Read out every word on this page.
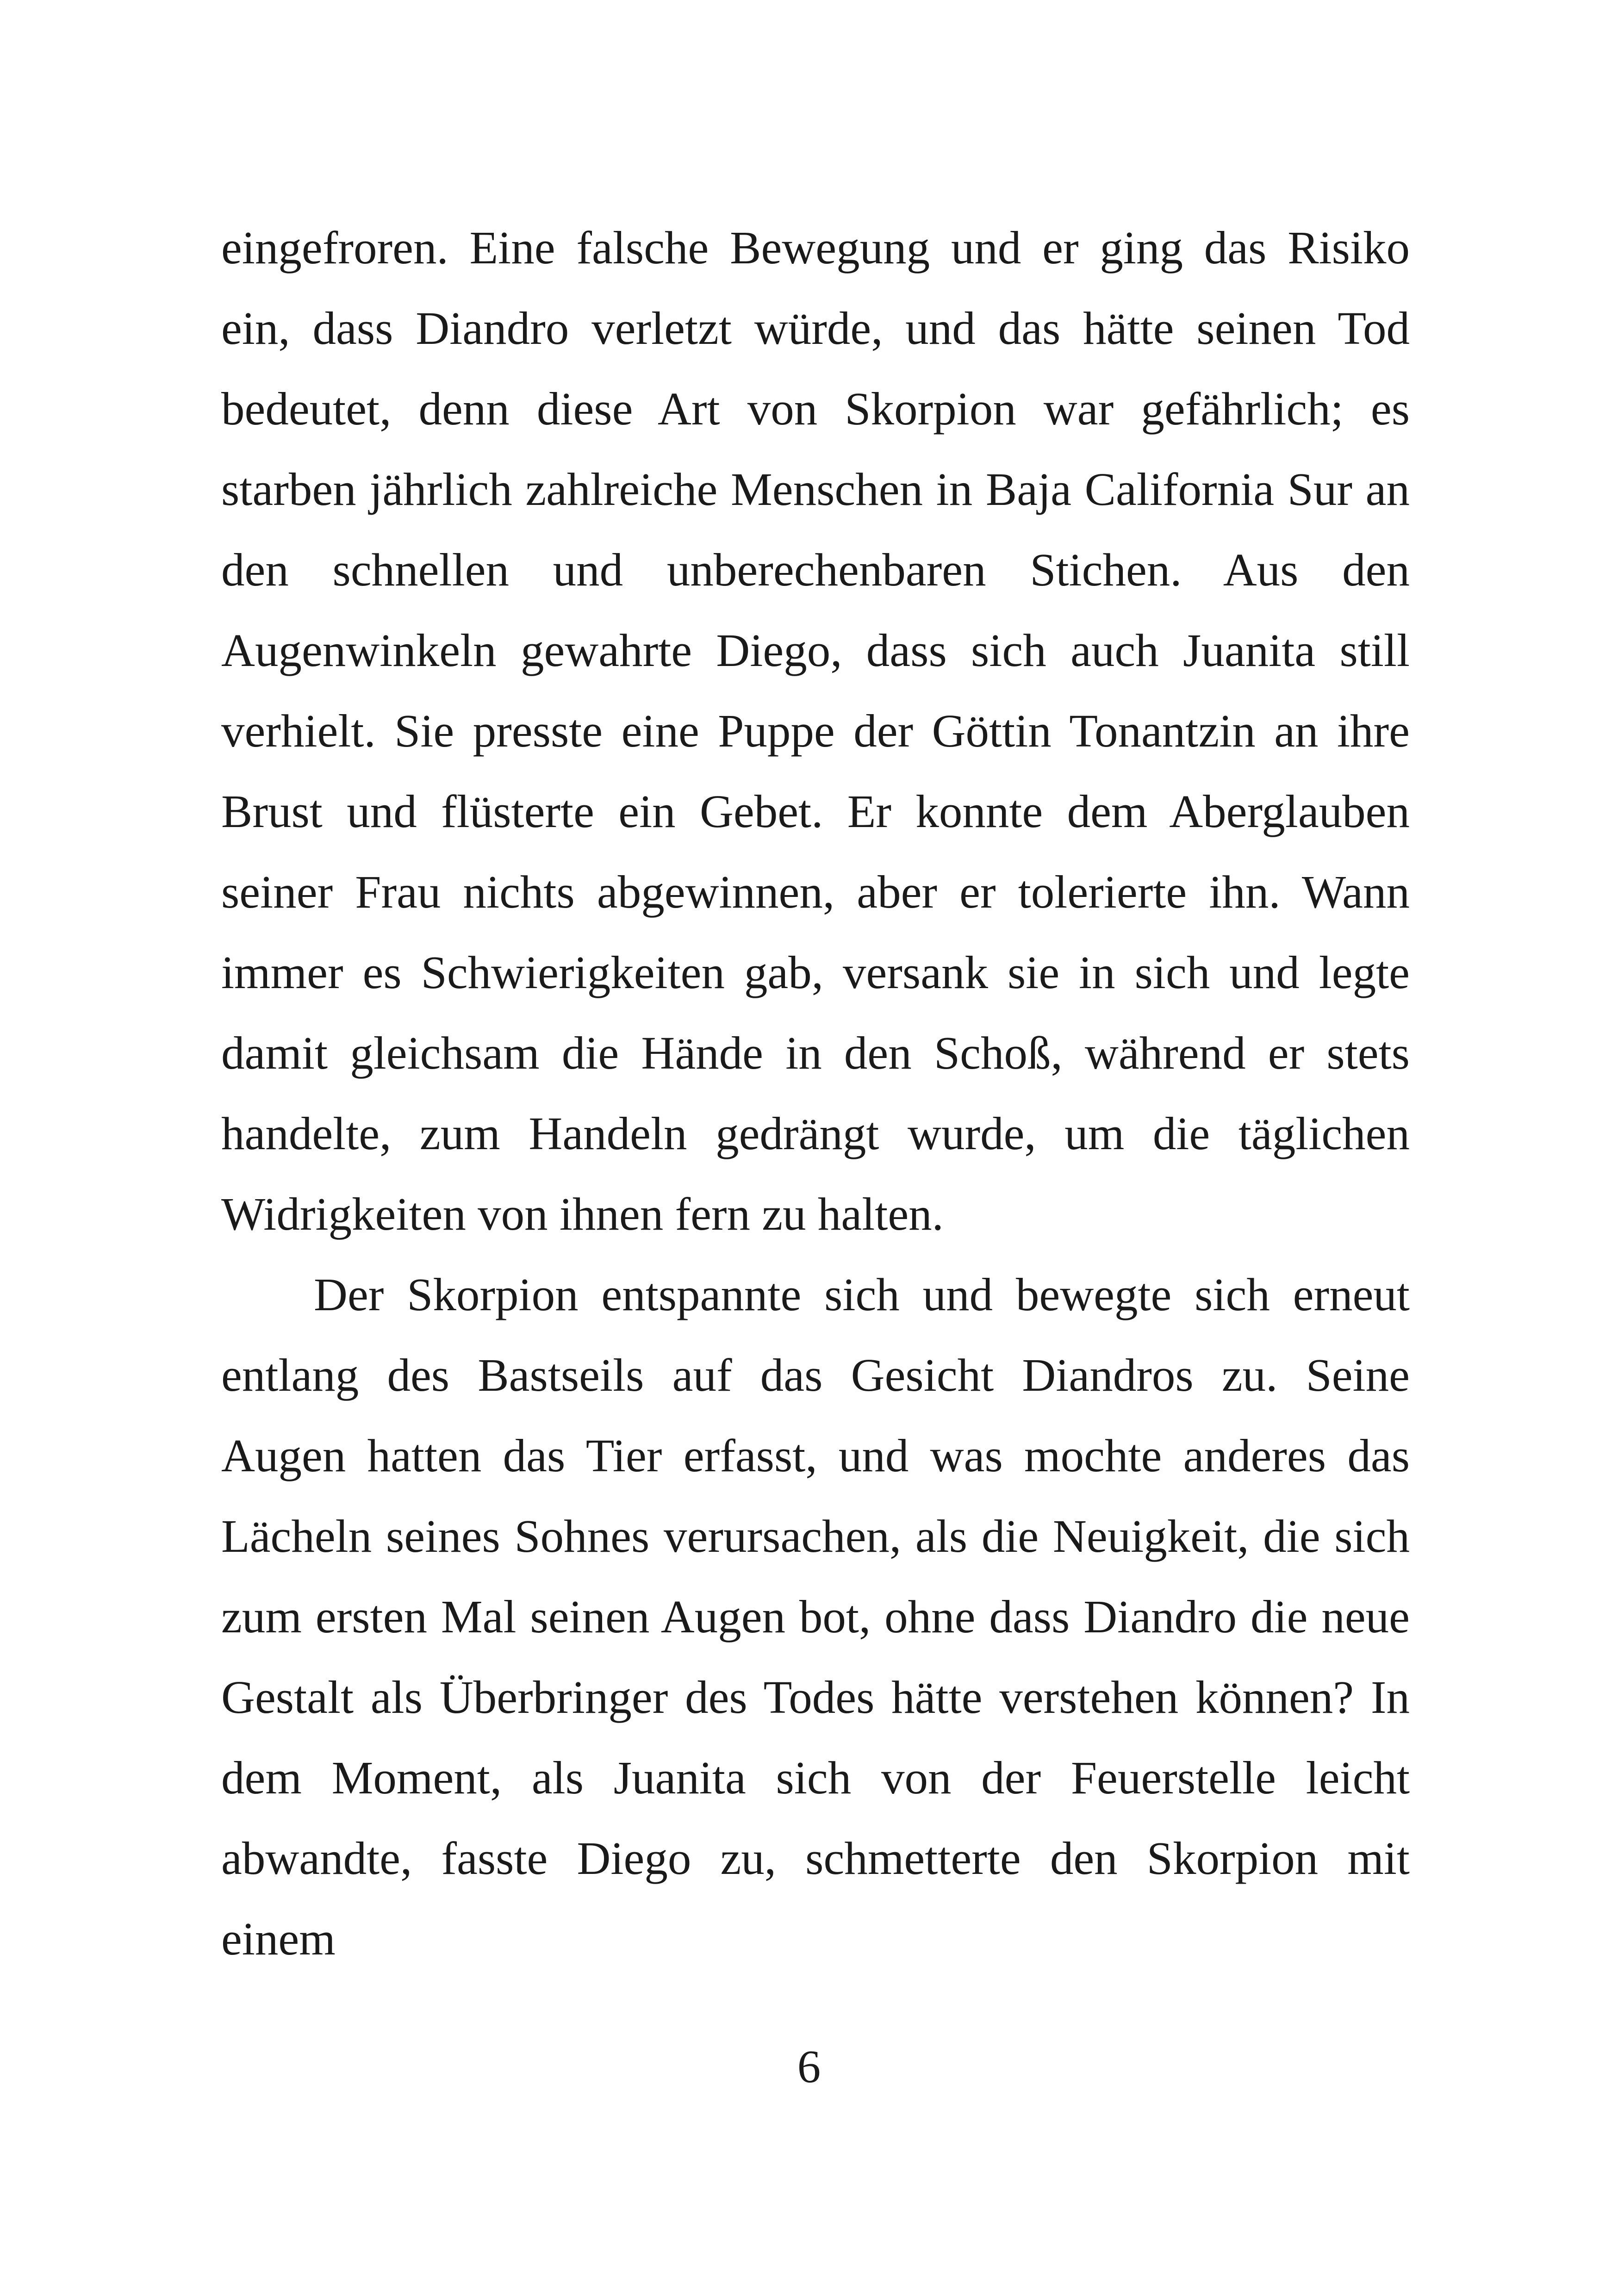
eingefroren. Eine falsche Bewegung und er ging das Risiko ein, dass Diandro verletzt würde, und das hätte seinen Tod bedeutet, denn diese Art von Skorpion war gefährlich; es starben jährlich zahlreiche Menschen in Baja California Sur an den schnellen und unberechenbaren Stichen. Aus den Augenwinkeln gewahrte Diego, dass sich auch Juanita still verhielt. Sie presste eine Puppe der Göttin Tonantzin an ihre Brust und flüsterte ein Gebet. Er konnte dem Aberglauben seiner Frau nichts abgewinnen, aber er tolerierte ihn. Wann immer es Schwierigkeiten gab, versank sie in sich und legte damit gleichsam die Hände in den Schoß, während er stets handelte, zum Handeln gedrängt wurde, um die täglichen Widrigkeiten von ihnen fern zu halten.

Der Skorpion entspannte sich und bewegte sich erneut entlang des Bastseils auf das Gesicht Diandros zu. Seine Augen hatten das Tier erfasst, und was mochte anderes das Lächeln seines Sohnes verursachen, als die Neuigkeit, die sich zum ersten Mal seinen Augen bot, ohne dass Diandro die neue Gestalt als Überbringer des Todes hätte verstehen können? In dem Moment, als Juanita sich von der Feuerstelle leicht abwandte, fasste Diego zu, schmetterte den Skorpion mit einem

6
